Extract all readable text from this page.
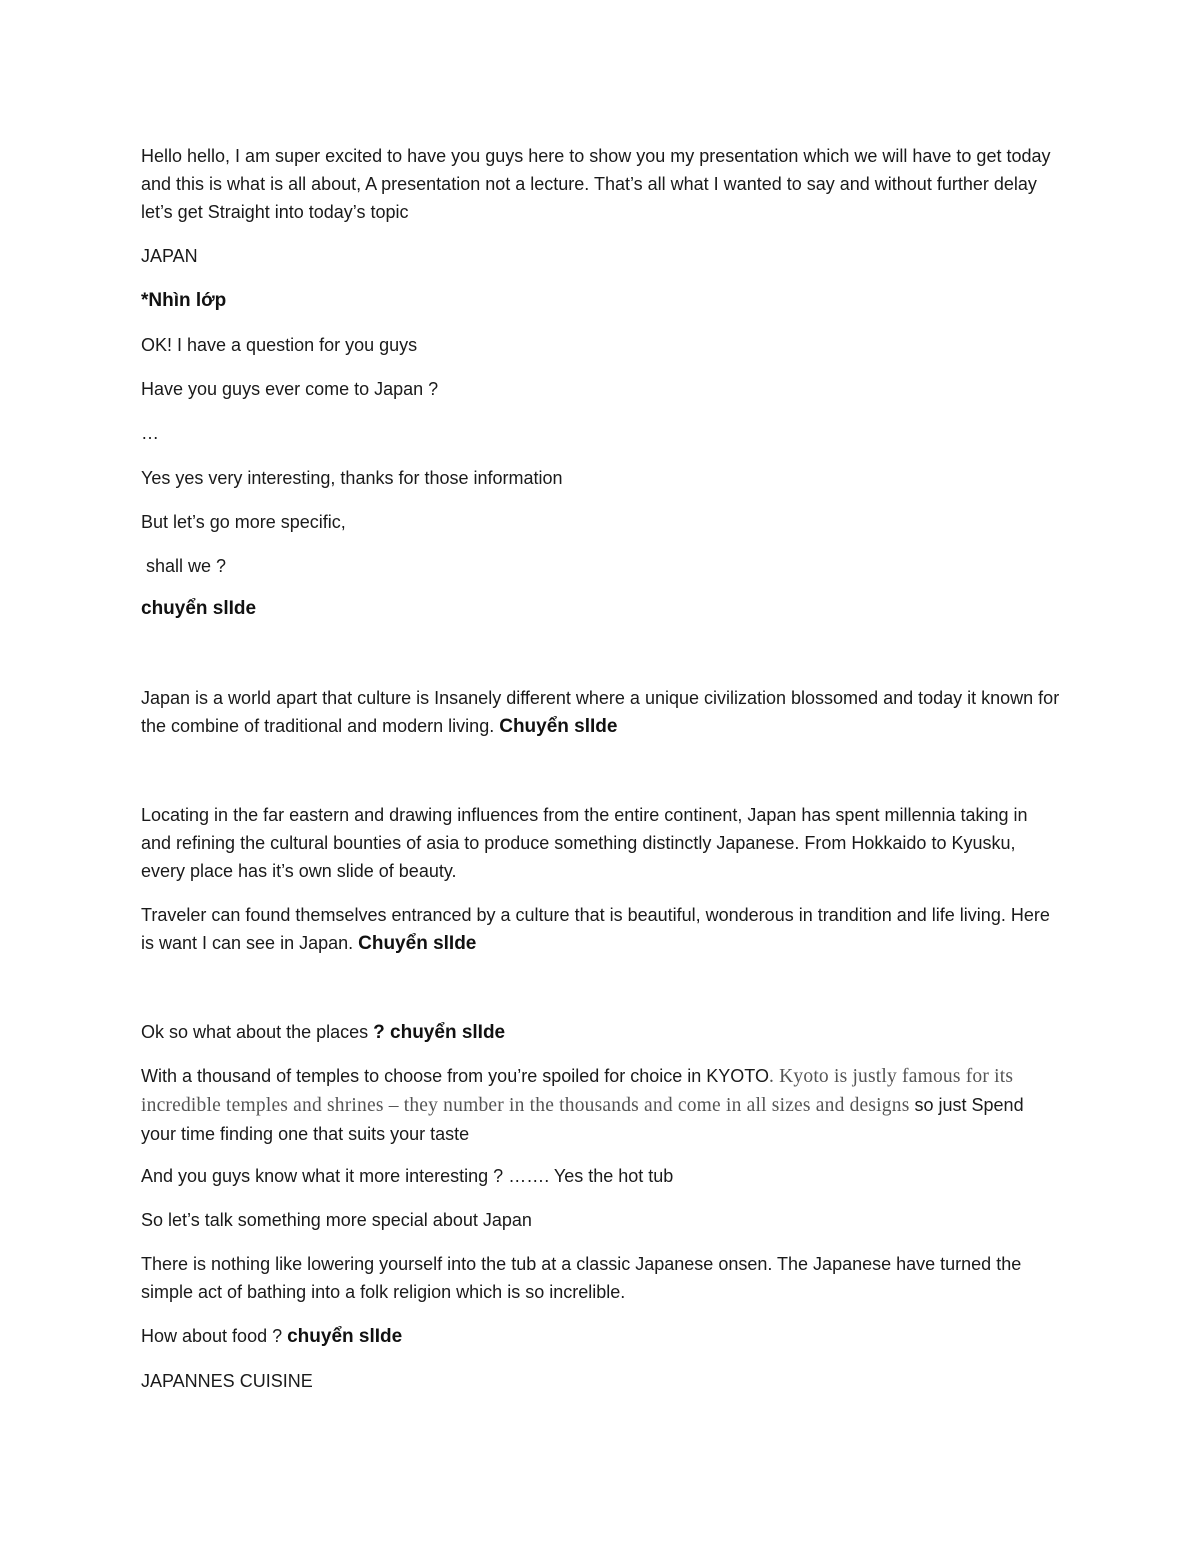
Hello hello, I am super excited to have you guys here to show you my presentation which we will have to get today and this is what is all about, A presentation not a lecture. That’s all what I wanted to say and without further delay let’s get Straight into today’s topic

JAPAN

*Nhìn lớp

OK! I have a question for you guys

Have you guys ever come to Japan ?

…

Yes yes very interesting, thanks for those information

But let’s go more specific,

shall we ?

chuyển slIde

Japan is a world apart that culture is Insanely different where a unique civilization blossomed and today it known for the combine of traditional and modern living. Chuyển slIde

Locating in the far eastern and drawing influences from the entire continent, Japan has spent millennia taking in and refining the cultural bounties of asia to produce something distinctly Japanese. From Hokkaido to Kyusku, every place has it’s own slide of beauty.

Traveler can found themselves entranced by a culture that is beautiful, wonderous in trandition and life living. Here is want I can see in Japan. Chuyển slIde

Ok so what about the places ? chuyển slIde

With a thousand of temples to choose from you’re spoiled for choice in KYOTO. Kyoto is justly famous for its incredible temples and shrines – they number in the thousands and come in all sizes and designs so just Spend your time finding one that suits your taste

And you guys know what it more interesting ? ……. Yes the hot tub

So let’s talk something more special about Japan

There is nothing like lowering yourself into the tub at a classic Japanese onsen. The Japanese have turned the simple act of bathing into a folk religion which is so increlible.

How about food ? chuyển slIde

JAPANNES CUISINE
